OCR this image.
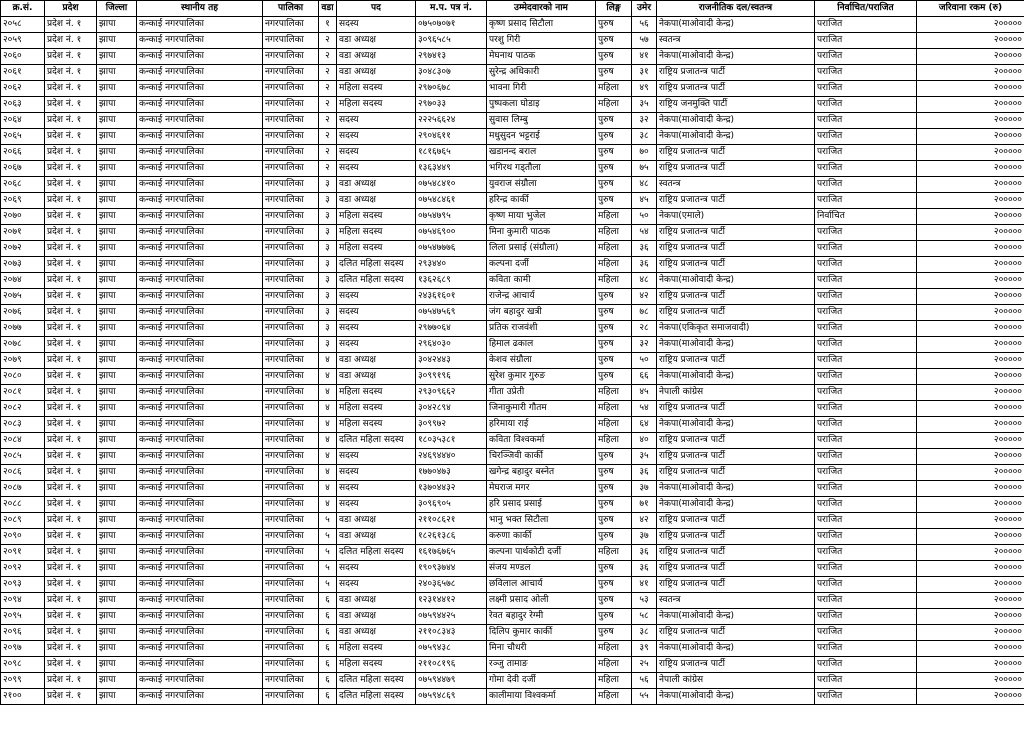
क्र.सं.	प्रदेश	जिल्ला	स्थानीय तह	पालिका	वडा	पद	म.प. पत्र नं.	उम्मेदवारको नाम	लिङ्ग	उमेर	राजनीतिक दल/स्वतन्त्र	निर्वाचित/पराजित	जरिवाना रकम (रु)
२०५८	प्रदेश नं. १	झापा	कन्काई नगरपालिका	नगरपालिका	१	सदस्य	०७५०७०७१	कृष्ण प्रसाद सिटौला	पुरुष	५६	नेकपा(माओवादी केन्द्र)	पराजित	२०००००
२०५९	प्रदेश नं. १	झापा	कन्काई नगरपालिका	नगरपालिका	२	वडा अध्यक्ष	३०९६५८५	परशु गिरी	पुरुष	५७	स्वतन्त्र	पराजित	२०००००
२०६०	प्रदेश नं. १	झापा	कन्काई नगरपालिका	नगरपालिका	२	वडा अध्यक्ष	२९७४१३	मेघनाथ पाठक	पुरुष	४१	नेकपा(माओवादी केन्द्र)	पराजित	२०००००
२०६१	प्रदेश नं. १	झापा	कन्काई नगरपालिका	नगरपालिका	२	वडा अध्यक्ष	३०४८३०७	सुरेन्द्र अधिकारी	पुरुष	३१	राष्ट्रिय प्रजातन्त्र पार्टी	पराजित	२०००००
२०६२	प्रदेश नं. १	झापा	कन्काई नगरपालिका	नगरपालिका	२	महिला सदस्य	२९७०६७८	भावना गिरी	महिला	४९	राष्ट्रिय प्रजातन्त्र पार्टी	पराजित	२०००००
२०६३	प्रदेश नं. १	झापा	कन्काई नगरपालिका	नगरपालिका	२	महिला सदस्य	२९७०३३	पुष्पकला घोडाइ	महिला	३५	राष्ट्रिय जनमुक्ति पार्टी	पराजित	२०००००
२०६४	प्रदेश नं. १	झापा	कन्काई नगरपालिका	नगरपालिका	२	सदस्य	२२२५६६२४	सुवास लिम्बु	पुरुष	३२	नेकपा(माओवादी केन्द्र)	पराजित	२०००००
२०६५	प्रदेश नं. १	झापा	कन्काई नगरपालिका	नगरपालिका	२	सदस्य	२९०४६११	मधुसुदन भट्टराई	पुरुष	३८	नेकपा(माओवादी केन्द्र)	पराजित	२०००००
२०६६	प्रदेश नं. १	झापा	कन्काई नगरपालिका	नगरपालिका	२	सदस्य	१८१६७६५	खडानन्द बराल	पुरुष	७०	राष्ट्रिय प्रजातन्त्र पार्टी	पराजित	२०००००
२०६७	प्रदेश नं. १	झापा	कन्काई नगरपालिका	नगरपालिका	२	सदस्य	१३६३४४९	भगिरथ गड्तौला	पुरुष	७५	राष्ट्रिय प्रजातन्त्र पार्टी	पराजित	२०००००
२०६८	प्रदेश नं. १	झापा	कन्काई नगरपालिका	नगरपालिका	३	वडा अध्यक्ष	०७५४८४१०	युवराज संग्रौला	पुरुष	४८	स्वतन्त्र	पराजित	२०००००
२०६९	प्रदेश नं. १	झापा	कन्काई नगरपालिका	नगरपालिका	३	वडा अध्यक्ष	०७५४८४६१	हरिन्द्र कार्की	पुरुष	४५	राष्ट्रिय प्रजातन्त्र पार्टी	पराजित	२०००००
२०७०	प्रदेश नं. १	झापा	कन्काई नगरपालिका	नगरपालिका	३	महिला सदस्य	०७५४७९५	कृष्ण माया भुजेल	महिला	५०	नेकपा(एमाले)	निर्वाचित	२०००००
२०७१	प्रदेश नं. १	झापा	कन्काई नगरपालिका	नगरपालिका	३	महिला सदस्य	०७५४६९००	मिना कुमारी पाठक	महिला	५४	राष्ट्रिय प्रजातन्त्र पार्टी	पराजित	२०००००
२०७२	प्रदेश नं. १	झापा	कन्काई नगरपालिका	नगरपालिका	३	महिला सदस्य	०७५४७७७६	लिला प्रसाई (संग्रौला)	महिला	३६	राष्ट्रिय प्रजातन्त्र पार्टी	पराजित	२०००००
२०७३	प्रदेश नं. १	झापा	कन्काई नगरपालिका	नगरपालिका	३	दलित महिला सदस्य	२९३४४०	कल्पना दर्जी	महिला	३६	राष्ट्रिय प्रजातन्त्र पार्टी	पराजित	२०००००
२०७४	प्रदेश नं. १	झापा	कन्काई नगरपालिका	नगरपालिका	३	दलित महिला सदस्य	१३६२६८९	कविता कामी	महिला	४८	नेकपा(माओवादी केन्द्र)	पराजित	२०००००
२०७५	प्रदेश नं. १	झापा	कन्काई नगरपालिका	नगरपालिका	३	सदस्य	२४३६१६०१	राजेन्द्र आचार्य	पुरुष	४२	राष्ट्रिय प्रजातन्त्र पार्टी	पराजित	२०००००
२०७६	प्रदेश नं. १	झापा	कन्काई नगरपालिका	नगरपालिका	३	सदस्य	०७५४७५६९	जंग बहादुर खत्री	पुरुष	७८	राष्ट्रिय प्रजातन्त्र पार्टी	पराजित	२०००००
२०७७	प्रदेश नं. १	झापा	कन्काई नगरपालिका	नगरपालिका	३	सदस्य	२९७७०६४	प्रतिक राजवंशी	पुरुष	२८	नेकपा(एकिकृत समाजवादी)	पराजित	२०००००
२०७८	प्रदेश नं. १	झापा	कन्काई नगरपालिका	नगरपालिका	३	सदस्य	२९६४०३०	हिमाल ढकाल	पुरुष	३२	नेकपा(माओवादी केन्द्र)	पराजित	२०००००
२०७९	प्रदेश नं. १	झापा	कन्काई नगरपालिका	नगरपालिका	४	वडा अध्यक्ष	३०४२४४३	केशव संग्रौला	पुरुष	५०	राष्ट्रिय प्रजातन्त्र पार्टी	पराजित	२०००००
२०८०	प्रदेश नं. १	झापा	कन्काई नगरपालिका	नगरपालिका	४	वडा अध्यक्ष	३०९९१९६	सुरेश कुमार गुरुङ	पुरुष	६६	नेकपा(माओवादी केन्द्र)	पराजित	२०००००
२०८१	प्रदेश नं. १	झापा	कन्काई नगरपालिका	नगरपालिका	४	महिला सदस्य	२९३०९६६२	गीता उप्रेती	महिला	४५	नेपाली कांग्रेस	पराजित	२०००००
२०८२	प्रदेश नं. १	झापा	कन्काई नगरपालिका	नगरपालिका	४	महिला सदस्य	३०४२८९४	जिनाकुमारी गौतम	महिला	५४	राष्ट्रिय प्रजातन्त्र पार्टी	पराजित	२०००००
२०८३	प्रदेश नं. १	झापा	कन्काई नगरपालिका	नगरपालिका	४	महिला सदस्य	३०९९७२	हरिमाया राई	महिला	६४	नेकपा(माओवादी केन्द्र)	पराजित	२०००००
२०८४	प्रदेश नं. १	झापा	कन्काई नगरपालिका	नगरपालिका	४	दलित महिला सदस्य	१८०३५३८१	कविता विश्वकर्मा	महिला	४०	राष्ट्रिय प्रजातन्त्र पार्टी	पराजित	२०००००
२०८५	प्रदेश नं. १	झापा	कन्काई नगरपालिका	नगरपालिका	४	सदस्य	२४६९४४४०	चिरञ्जिवी कार्की	पुरुष	३५	राष्ट्रिय प्रजातन्त्र पार्टी	पराजित	२०००००
२०८६	प्रदेश नं. १	झापा	कन्काई नगरपालिका	नगरपालिका	४	सदस्य	१७७०४७३	खगेन्द्र बहादुर बस्नेत	पुरुष	३६	राष्ट्रिय प्रजातन्त्र पार्टी	पराजित	२०००००
२०८७	प्रदेश नं. १	झापा	कन्काई नगरपालिका	नगरपालिका	४	सदस्य	१३७०४४३२	मेघराज मगर	पुरुष	३७	नेकपा(माओवादी केन्द्र)	पराजित	२०००००
२०८८	प्रदेश नं. १	झापा	कन्काई नगरपालिका	नगरपालिका	४	सदस्य	३०९६९०५	हरि प्रसाद प्रसाई	पुरुष	७१	नेकपा(माओवादी केन्द्र)	पराजित	२०००००
२०८९	प्रदेश नं. १	झापा	कन्काई नगरपालिका	नगरपालिका	५	वडा अध्यक्ष	२११०८६२१	भानु भक्त सिटौला	पुरुष	४२	राष्ट्रिय प्रजातन्त्र पार्टी	पराजित	२०००००
२०९०	प्रदेश नं. १	झापा	कन्काई नगरपालिका	नगरपालिका	५	वडा अध्यक्ष	१८२६१३८६	करुणा कार्की	पुरुष	३७	राष्ट्रिय प्रजातन्त्र पार्टी	पराजित	२०००००
२०९१	प्रदेश नं. १	झापा	कन्काई नगरपालिका	नगरपालिका	५	दलित महिला सदस्य	१६१७६७६५	कल्पना पार्थकोटी दर्जी	महिला	३६	राष्ट्रिय प्रजातन्त्र पार्टी	पराजित	२०००००
२०९२	प्रदेश नं. १	झापा	कन्काई नगरपालिका	नगरपालिका	५	सदस्य	१९०९३७४४	संजय मण्डल	पुरुष	३६	राष्ट्रिय प्रजातन्त्र पार्टी	पराजित	२०००००
२०९३	प्रदेश नं. १	झापा	कन्काई नगरपालिका	नगरपालिका	५	सदस्य	२४०३६५७८	छविलाल आचार्य	पुरुष	४१	राष्ट्रिय प्रजातन्त्र पार्टी	पराजित	२०००००
२०९४	प्रदेश नं. १	झापा	कन्काई नगरपालिका	नगरपालिका	६	वडा अध्यक्ष	१२३१४४१२	लक्ष्मी प्रसाद ओली	पुरुष	५३	स्वतन्त्र	पराजित	२०००००
२०९५	प्रदेश नं. १	झापा	कन्काई नगरपालिका	नगरपालिका	६	वडा अध्यक्ष	०७५९४४२५	रेवत बहादुर रेग्मी	पुरुष	५८	नेकपा(माओवादी केन्द्र)	पराजित	२०००००
२०९६	प्रदेश नं. १	झापा	कन्काई नगरपालिका	नगरपालिका	६	वडा अध्यक्ष	२११०८३४३	दिलिप कुमार कार्की	पुरुष	३८	राष्ट्रिय प्रजातन्त्र पार्टी	पराजित	२०००००
२०९७	प्रदेश नं. १	झापा	कन्काई नगरपालिका	नगरपालिका	६	महिला सदस्य	०७५९४३८	मिना चौधरी	महिला	३९	नेकपा(माओवादी केन्द्र)	पराजित	२०००००
२०९८	प्रदेश नं. १	झापा	कन्काई नगरपालिका	नगरपालिका	६	महिला सदस्य	२११०८१९६	रञ्जु तामाङ	महिला	२५	राष्ट्रिय प्रजातन्त्र पार्टी	पराजित	२०००००
२०९९	प्रदेश नं. १	झापा	कन्काई नगरपालिका	नगरपालिका	६	दलित महिला सदस्य	०७५९४४७९	गोमा देवी दर्जी	महिला	५६	नेपाली कांग्रेस	पराजित	२०००००
२१००	प्रदेश नं. १	झापा	कन्काई नगरपालिका	नगरपालिका	६	दलित महिला सदस्य	०७५९४८६९	कालीमाया विश्वकर्मा	महिला	५५	नेकपा(माओवादी केन्द्र)	पराजित	२०००००
